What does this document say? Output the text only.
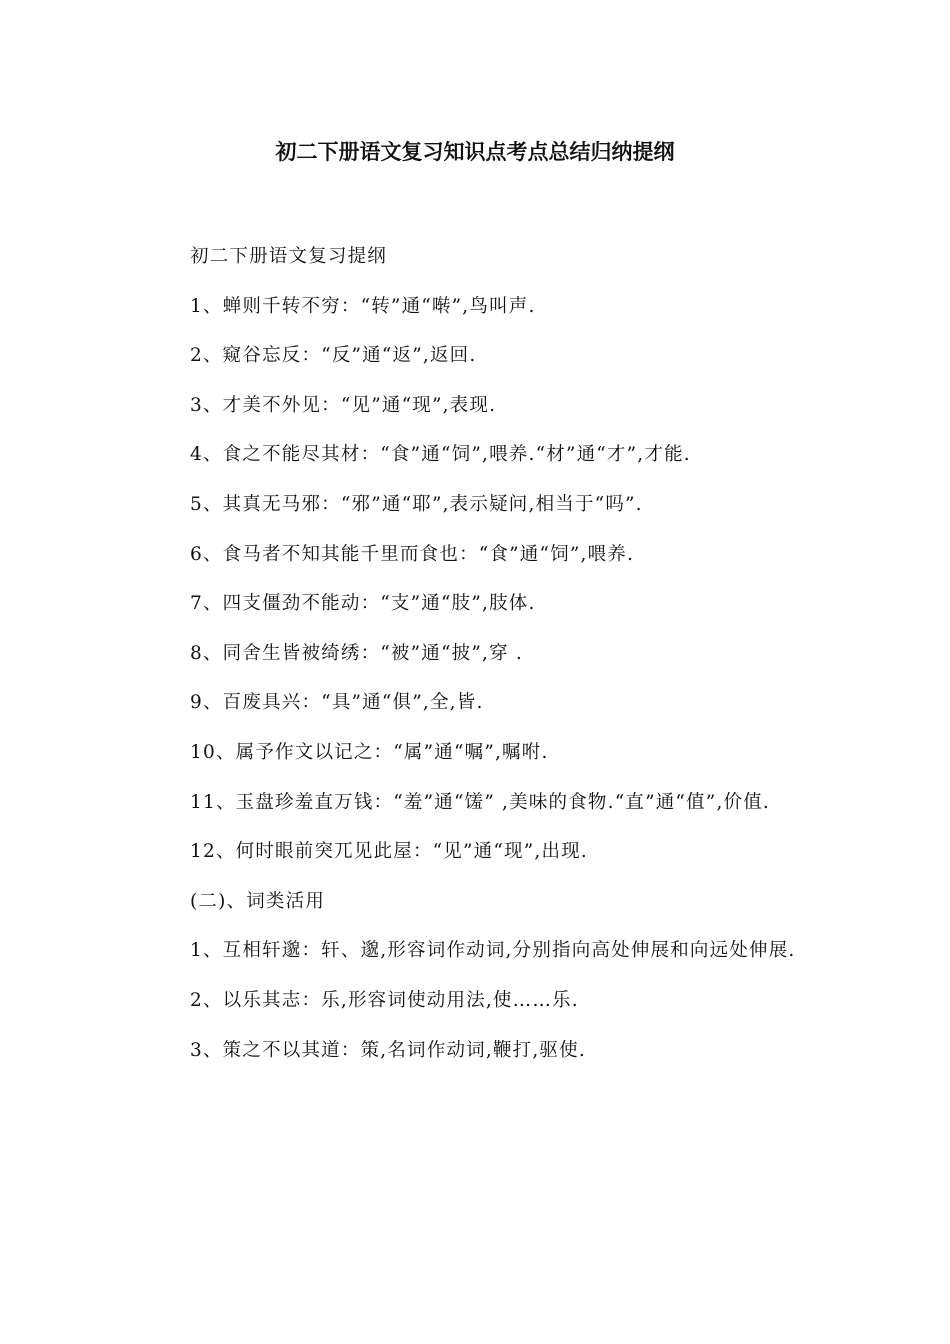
初二下册语文复习知识点考点总结归纳提纲

初二下册语文复习提纲

1、蝉则千转不穷：“转”通“啭”,鸟叫声.

2、窥谷忘反：“反”通“返”,返回.

3、才美不外见：“见”通“现”,表现.

4、食之不能尽其材：“食”通“饲”,喂养.“材”通“才”,才能.

5、其真无马邪：“邪”通“耶”,表示疑问,相当于“吗”.

6、食马者不知其能千里而食也：“食”通“饲”,喂养.

7、四支僵劲不能动：“支”通“肢”,肢体.

8、同舍生皆被绮绣：“被”通“披”,穿 .

9、百废具兴：“具”通“俱”,全,皆.

10、属予作文以记之：“属”通“嘱”,嘱咐.

11、玉盘珍羞直万钱：“羞”通“馐” ,美味的食物.“直”通“值”,价值.

12、何时眼前突兀见此屋：“见”通“现”,出现.

(二)、词类活用

1、互相轩邈：轩、邈,形容词作动词,分别指向高处伸展和向远处伸展.

2、以乐其志：乐,形容词使动用法,使……乐.

3、策之不以其道：策,名词作动词,鞭打,驱使.
